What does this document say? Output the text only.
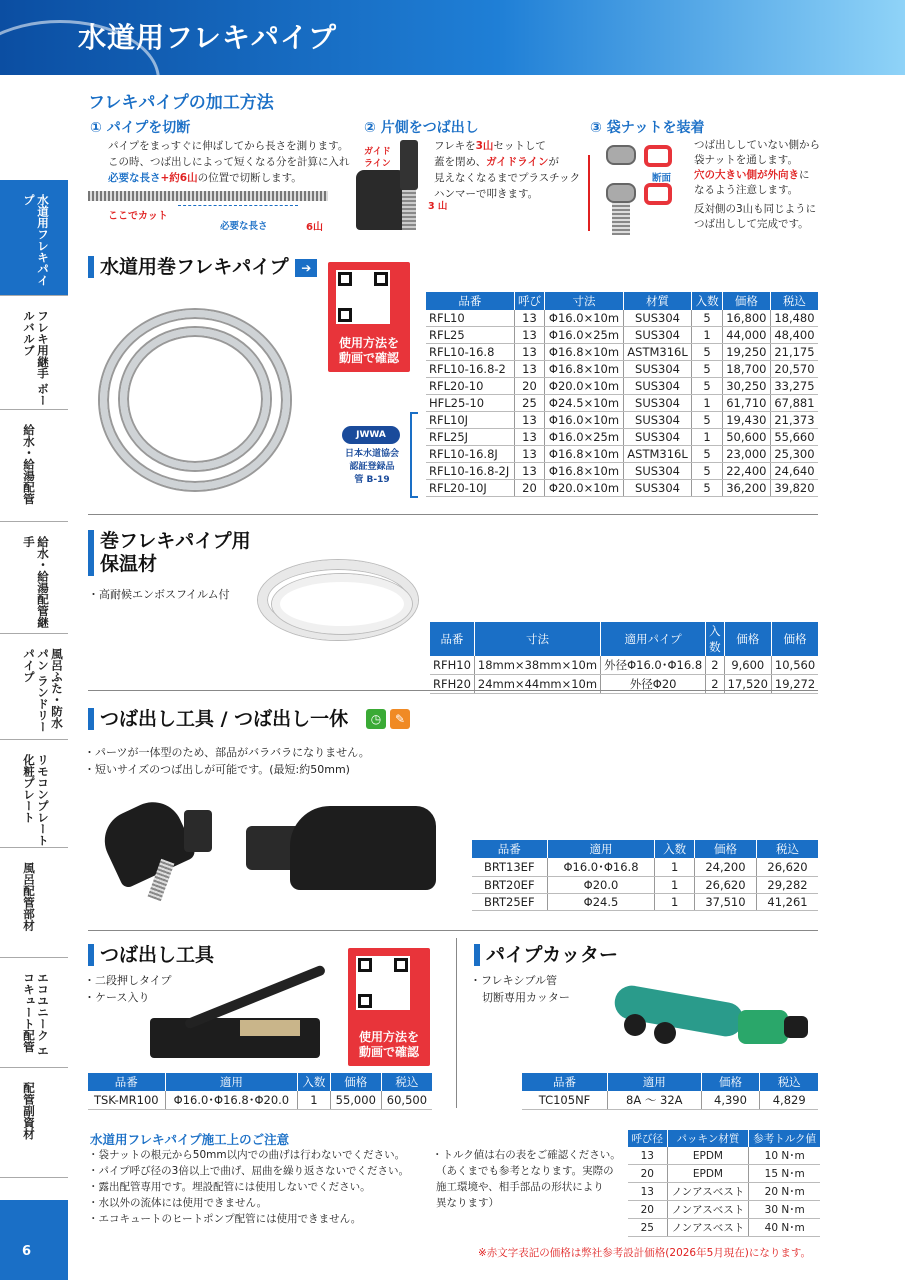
水道用フレキパイプ
水道用フレキパイプ
フレキ用継手 ボールバルブ
給水・給湯配管
給水・給湯配管継手
風呂ふた・防水パン ランドリーパイプ
リモコンプレート 化粧プレート
風呂配管部材
エコユニーク エコキュート配管
配管副資材
6
フレキパイプの加工方法
① パイプを切断
パイプをまっすぐに伸ばしてから長さを測ります。
この時、つば出しによって短くなる分を計算に入れ
必要な長さ+約6山の位置で切断します。
ここでカット
必要な長さ	6山
② 片側をつば出し
ガイド ライン
3 山
フレキを3山セットして
蓋を閉め、ガイドラインが
見えなくなるまでプラスチック
ハンマーで叩きます。
③ 袋ナットを装着
断面
つば出ししていない側から
袋ナットを通します。
穴の大きい側が外向きに
なるよう注意します。
反対側の3山も同じように
つば出しして完成です。
水道用巻フレキパイプ ➔
使用方法を
動画で確認
JWWA
日本水道協会
認証登録品
管 B-19
品番	呼び	寸法	材質	入数	価格	税込
RFL10	13	Φ16.0×10m	SUS304	5	16,800	18,480
RFL25	13	Φ16.0×25m	SUS304	1	44,000	48,400
RFL10-16.8	13	Φ16.8×10m	ASTM316L	5	19,250	21,175
RFL10-16.8-2	13	Φ16.8×10m	SUS304	5	18,700	20,570
RFL20-10	20	Φ20.0×10m	SUS304	5	30,250	33,275
HFL25-10	25	Φ24.5×10m	SUS304	1	61,710	67,881
RFL10J	13	Φ16.0×10m	SUS304	5	19,430	21,373
RFL25J	13	Φ16.0×25m	SUS304	1	50,600	55,660
RFL10-16.8J	13	Φ16.8×10m	ASTM316L	5	23,000	25,300
RFL10-16.8-2J	13	Φ16.8×10m	SUS304	5	22,400	24,640
RFL20-10J	20	Φ20.0×10m	SUS304	5	36,200	39,820
巻フレキパイプ用
保温材
・高耐候エンボスフイルム付
品番	寸法	適用パイプ	入数	価格	価格
RFH10	18mm×38mm×10m	外径Φ16.0･Φ16.8	2	9,600	10,560
RFH20	24mm×44mm×10m	外径Φ20	2	17,520	19,272
つば出し工具 / つば出し一休	◷	✎
・パーツが一体型のため、部品がバラバラになりません。
・短いサイズのつば出しが可能です。(最短:約50mm)
品番	適用	入数	価格	税込
BRT13EF	Φ16.0･Φ16.8	1	24,200	26,620
BRT20EF	Φ20.0	1	26,620	29,282
BRT25EF	Φ24.5	1	37,510	41,261
つば出し工具
・二段押しタイプ
・ケース入り
使用方法を
動画で確認
品番	適用	入数	価格	税込
TSK-MR100	Φ16.0･Φ16.8･Φ20.0	1	55,000	60,500
パイプカッター
・フレキシブル管
切断専用カッター
品番	適用	価格	税込
TC105NF	8A 〜 32A	4,390	4,829
水道用フレキパイプ施工上のご注意
・袋ナットの根元から50mm以内での曲げは行わないでください。
・パイプ呼び径の3倍以上で曲げ、屈曲を繰り返さないでください。
・露出配管専用です。埋設配管には使用しないでください。
・水以外の流体には使用できません。
・エコキュートのヒートポンプ配管には使用できません。
・トルク値は右の表をご確認ください。
（あくまでも参考となります。実際の
施工環境や、相手部品の形状により
異なります）
呼び径	パッキン材質	参考トルク値
13	EPDM	10 N･m
20	EPDM	15 N･m
13	ノンアスベスト	20 N･m
20	ノンアスベスト	30 N･m
25	ノンアスベスト	40 N･m
※赤文字表記の価格は弊社参考設計価格(2026年5月現在)になります。
